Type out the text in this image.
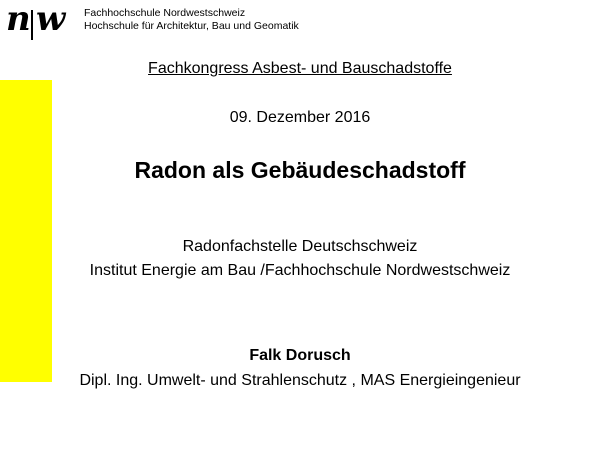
n w Fachhochschule Nordwestschweiz
Hochschule für Architektur, Bau und Geomatik
Fachkongress Asbest- und Bauschadstoffe
09. Dezember 2016
Radon als Gebäudeschadstoff
Radonfachstelle Deutschschweiz
Institut Energie am Bau /Fachhochschule Nordwestschweiz
Falk Dorusch
Dipl. Ing. Umwelt- und Strahlenschutz , MAS Energieingenieur
